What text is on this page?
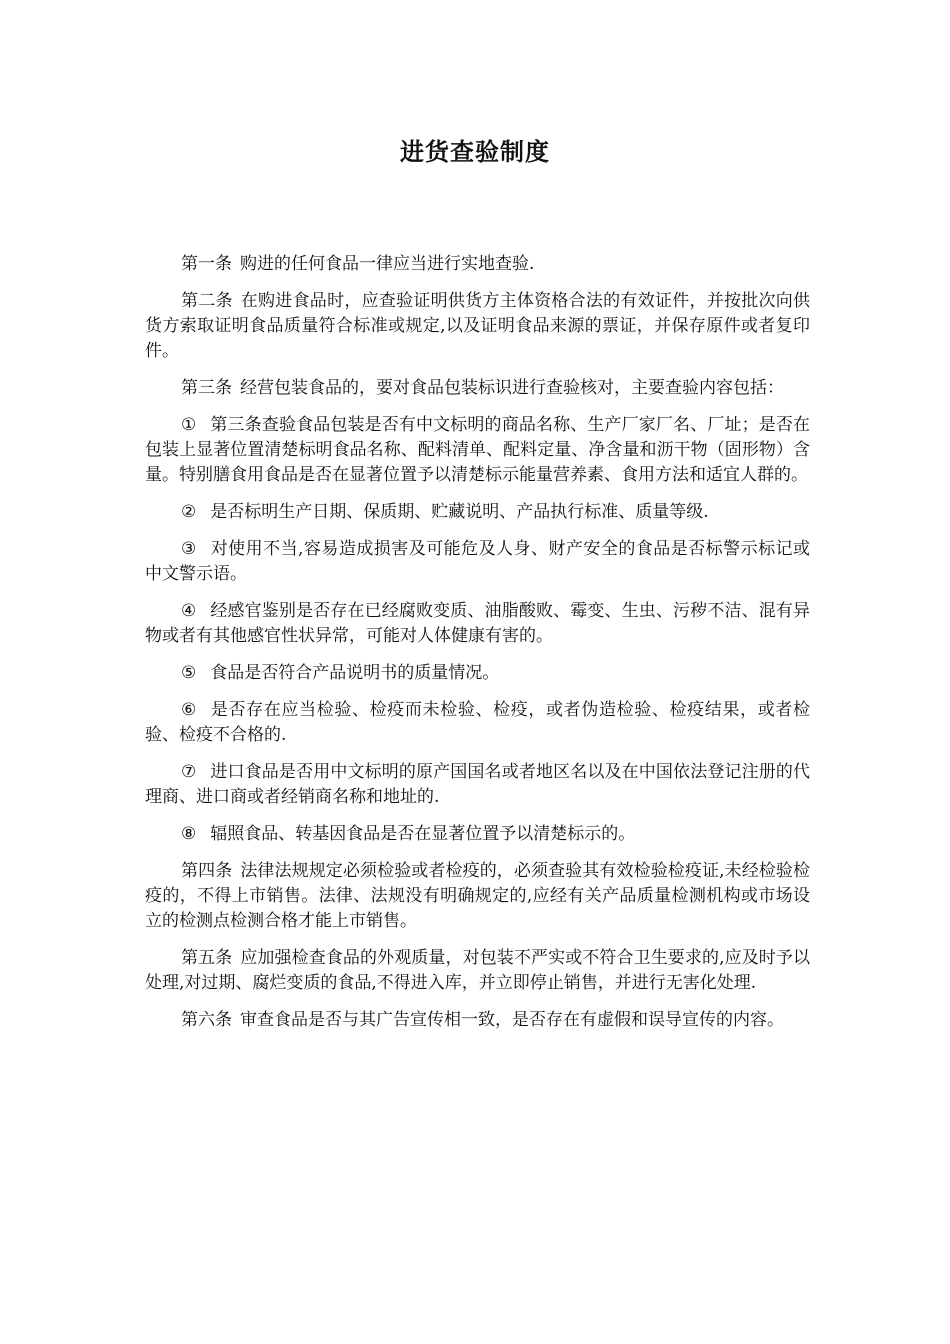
进货查验制度

第一条 购进的任何食品一律应当进行实地查验.

第二条 在购进食品时，应查验证明供货方主体资格合法的有效证件，并按批次向供货方索取证明食品质量符合标准或规定,以及证明食品来源的票证，并保存原件或者复印件。

第三条 经营包装食品的，要对食品包装标识进行查验核对，主要查验内容包括：

① 第三条查验食品包装是否有中文标明的商品名称、生产厂家厂名、厂址；是否在包装上显著位置清楚标明食品名称、配料清单、配料定量、净含量和沥干物（固形物）含量。特别膳食用食品是否在显著位置予以清楚标示能量营养素、食用方法和适宜人群的。

② 是否标明生产日期、保质期、贮藏说明、产品执行标准、质量等级.

③ 对使用不当,容易造成损害及可能危及人身、财产安全的食品是否标警示标记或中文警示语。

④ 经感官鉴别是否存在已经腐败变质、油脂酸败、霉变、生虫、污秽不洁、混有异物或者有其他感官性状异常，可能对人体健康有害的。

⑤ 食品是否符合产品说明书的质量情况。

⑥ 是否存在应当检验、检疫而未检验、检疫，或者伪造检验、检疫结果，或者检验、检疫不合格的.

⑦ 进口食品是否用中文标明的原产国国名或者地区名以及在中国依法登记注册的代理商、进口商或者经销商名称和地址的.

⑧ 辐照食品、转基因食品是否在显著位置予以清楚标示的。

第四条 法律法规规定必须检验或者检疫的，必须查验其有效检验检疫证,未经检验检疫的，不得上市销售。法律、法规没有明确规定的,应经有关产品质量检测机构或市场设立的检测点检测合格才能上市销售。

第五条 应加强检查食品的外观质量，对包装不严实或不符合卫生要求的,应及时予以处理,对过期、腐烂变质的食品,不得进入库，并立即停止销售，并进行无害化处理.

第六条 审查食品是否与其广告宣传相一致，是否存在有虚假和误导宣传的内容。
